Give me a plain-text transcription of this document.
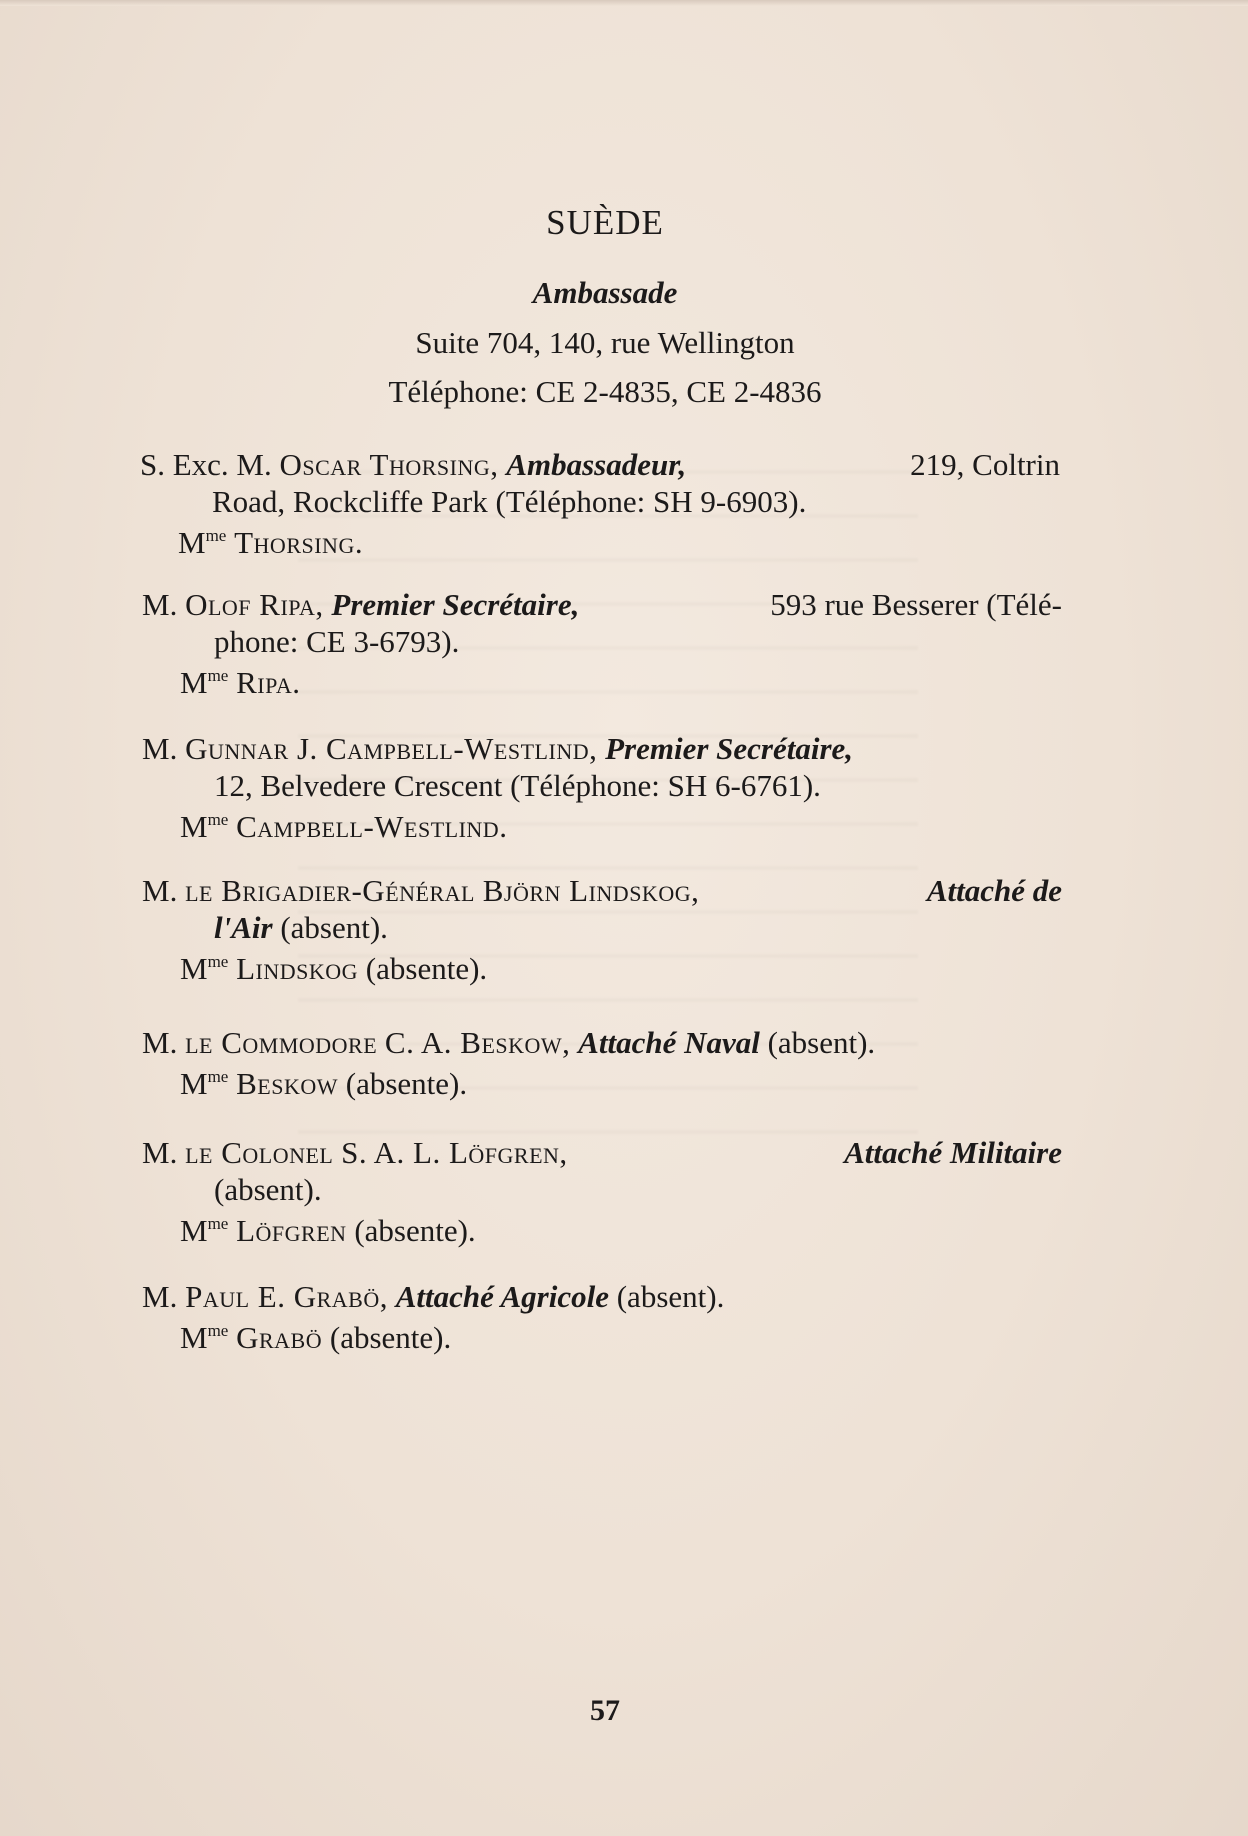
SUÈDE
Ambassade
Suite 704, 140, rue Wellington
Téléphone: CE 2-4835, CE 2-4836
S. Exc. M. Oscar Thorsing, Ambassadeur,	219, Coltrin
Road, Rockcliffe Park (Téléphone: SH 9-6903).
$M^{me}$ Thorsing.
M. Olof Ripa, Premier Secrétaire,	593 rue Besserer (Télé-
phone: CE 3-6793).
$M^{me}$ Ripa.
M. Gunnar J. Campbell-Westlind, Premier Secrétaire,
12, Belvedere Crescent (Téléphone: SH 6-6761).
$M^{me}$ Campbell-Westlind.
M. le Brigadier-Général Björn Lindskog,	Attaché de
l'Air (absent).
$M^{me}$ Lindskog (absente).
M. le Commodore C. A. Beskow, Attaché Naval (absent).
$M^{me}$ Beskow (absente).
M. le Colonel S. A. L. Löfgren,	Attaché Militaire
(absent).
$M^{me}$ Löfgren (absente).
M. Paul E. Grabö, Attaché Agricole (absent).
$M^{me}$ Grabö (absente).
57
